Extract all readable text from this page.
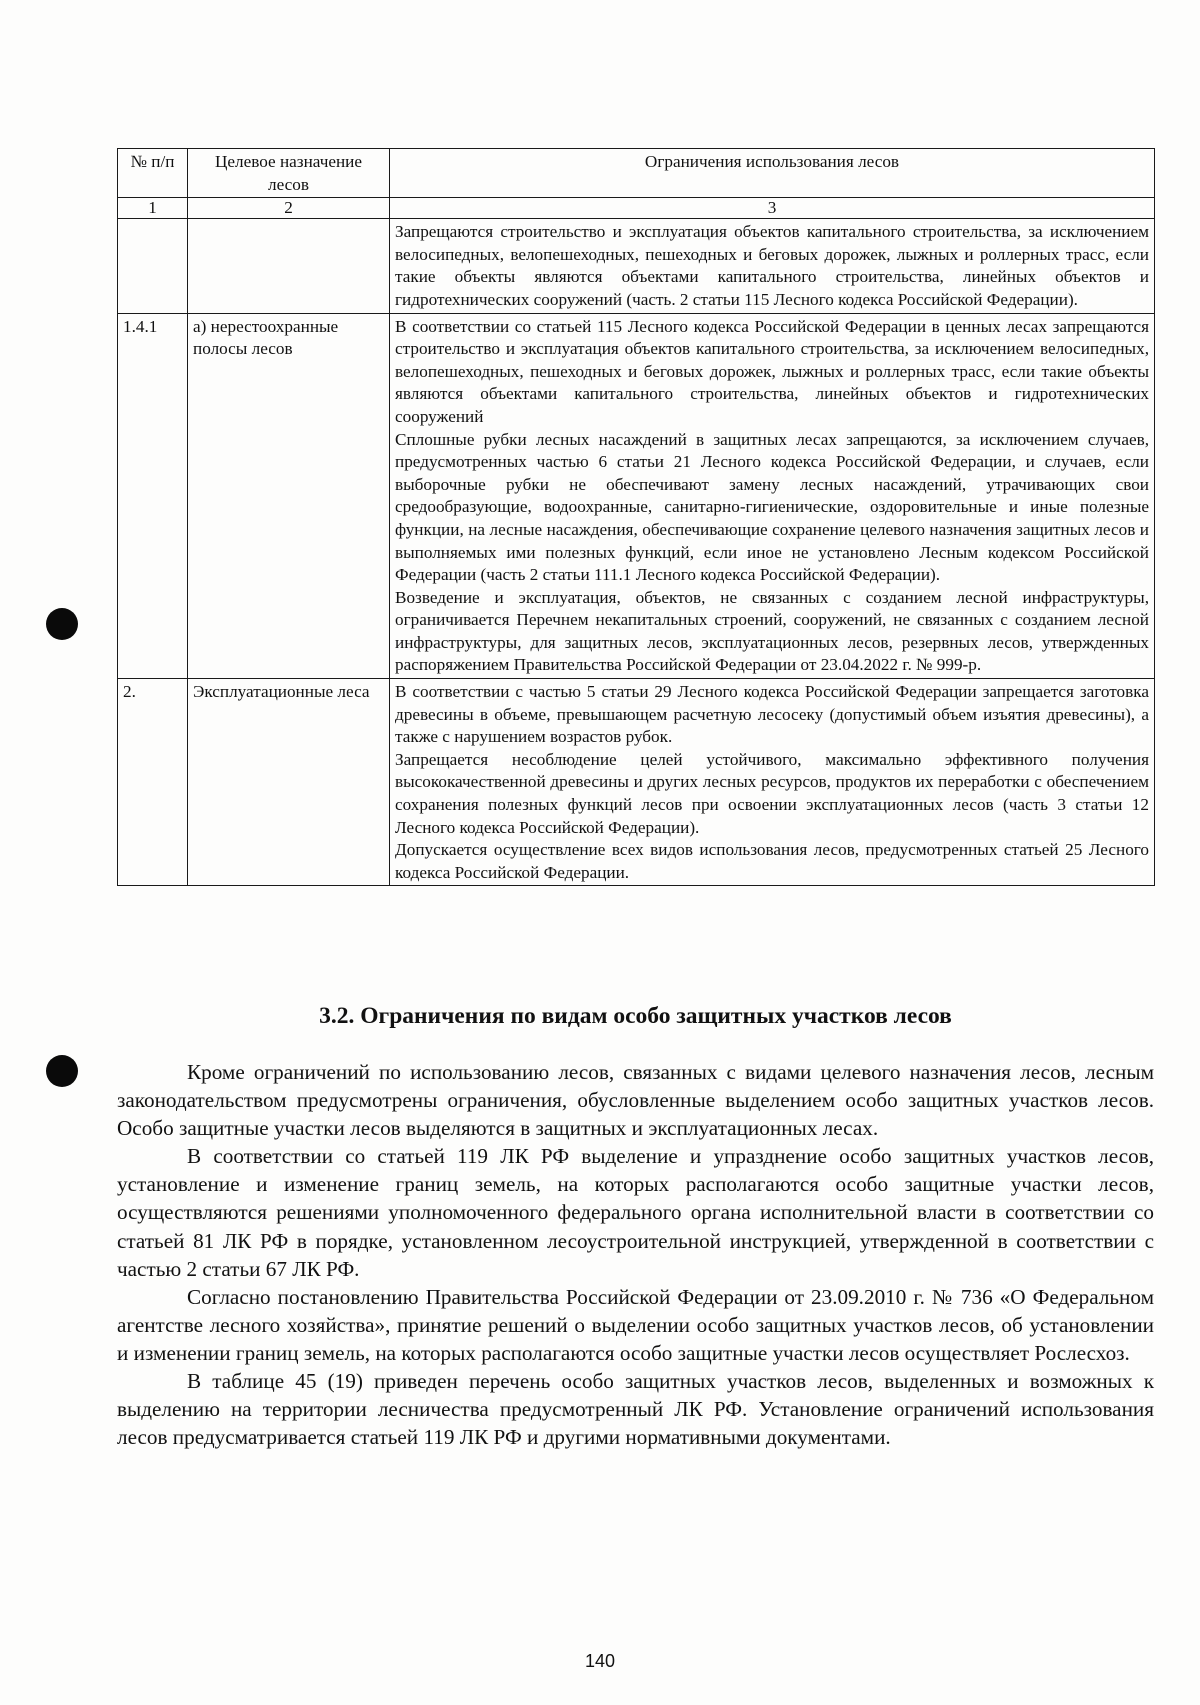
№ п/п	Целевое назначение лесов	Ограничения использования лесов
1	2	3

		Запрещаются строительство и эксплуатация объектов капитального строительства, за исключением велосипедных, велопешеходных, пешеходных и беговых дорожек, лыжных и роллерных трасс, если такие объекты являются объектами капитального строительства, линейных объектов и гидротехнических сооружений (часть. 2 статьи 115 Лесного кодекса Российской Федерации).

1.4.1	а) нерестоохранные полосы лесов	В соответствии со статьей 115 Лесного кодекса Российской Федерации в ценных лесах запрещаются строительство и эксплуатация объектов капитального строительства, за исключением велосипедных, велопешеходных, пешеходных и беговых дорожек, лыжных и роллерных трасс, если такие объекты являются объектами капитального строительства, линейных объектов и гидротехнических сооружений

Сплошные рубки лесных насаждений в защитных лесах запрещаются, за исключением случаев, предусмотренных частью 6 статьи 21 Лесного кодекса Российской Федерации, и случаев, если выборочные рубки не обеспечивают замену лесных насаждений, утрачивающих свои средообразующие, водоохранные, санитарно-гигиенические, оздоровительные и иные полезные функции, на лесные насаждения, обеспечивающие сохранение целевого назначения защитных лесов и выполняемых ими полезных функций, если иное не установлено Лесным кодексом Российской Федерации (часть 2 статьи 111.1 Лесного кодекса Российской Федерации).

Возведение и эксплуатация, объектов, не связанных с созданием лесной инфраструктуры, ограничивается Перечнем некапитальных строений, сооружений, не связанных с созданием лесной инфраструктуры, для защитных лесов, эксплуатационных лесов, резервных лесов, утвержденных распоряжением Правительства Российской Федерации от 23.04.2022 г. № 999-р.

2.	Эксплуатационные леса	В соответствии с частью 5 статьи 29 Лесного кодекса Российской Федерации запрещается заготовка древесины в объеме, превышающем расчетную лесосеку (допустимый объем изъятия древесины), а также с нарушением возрастов рубок.

Запрещается несоблюдение целей устойчивого, максимально эффективного получения высококачественной древесины и других лесных ресурсов, продуктов их переработки с обеспечением сохранения полезных функций лесов при освоении эксплуатационных лесов (часть 3 статьи 12 Лесного кодекса Российской Федерации).

Допускается осуществление всех видов использования лесов, предусмотренных статьей 25 Лесного кодекса Российской Федерации.

3.2. Ограничения по видам особо защитных участков лесов

Кроме ограничений по использованию лесов, связанных с видами целевого назначения лесов, лесным законодательством предусмотрены ограничения, обусловленные выделением особо защитных участков лесов. Особо защитные участки лесов выделяются в защитных и эксплуатационных лесах.

В соответствии со статьей 119 ЛК РФ выделение и упразднение особо защитных участков лесов, установление и изменение границ земель, на которых располагаются особо защитные участки лесов, осуществляются решениями уполномоченного федерального органа исполнительной власти в соответствии со статьей 81 ЛК РФ в порядке, установленном лесоустроительной инструкцией, утвержденной в соответствии с частью 2 статьи 67 ЛК РФ.

Согласно постановлению Правительства Российской Федерации от 23.09.2010 г. № 736 «О Федеральном агентстве лесного хозяйства», принятие решений о выделении особо защитных участков лесов, об установлении и изменении границ земель, на которых располагаются особо защитные участки лесов осуществляет Рослесхоз.

В таблице 45 (19) приведен перечень особо защитных участков лесов, выделенных и возможных к выделению на территории лесничества предусмотренный ЛК РФ. Установление ограничений использования лесов предусматривается статьей 119 ЛК РФ и другими нормативными документами.

140
